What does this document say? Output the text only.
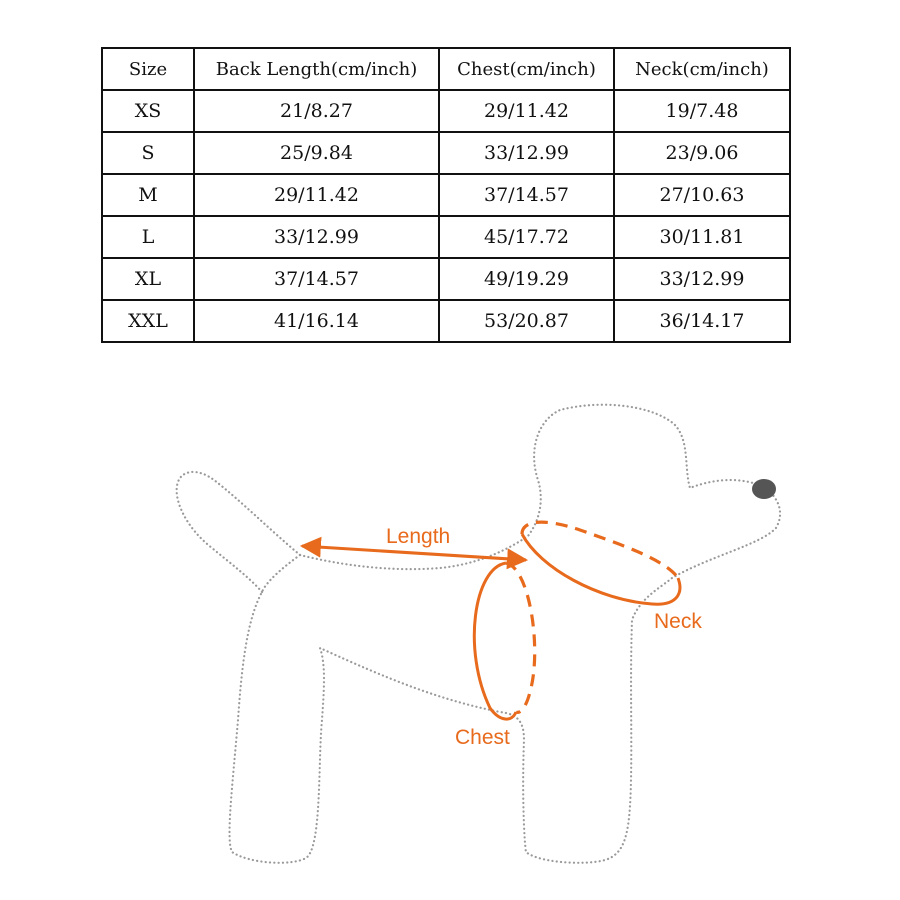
Size	Back Length(cm/inch)	Chest(cm/inch)	Neck(cm/inch)
XS	21/8.27	29/11.42	19/7.48
S	25/9.84	33/12.99	23/9.06
M	29/11.42	37/14.57	27/10.63
L	33/12.99	45/17.72	30/11.81
XL	37/14.57	49/19.29	33/12.99
XXL	41/16.14	53/20.87	36/14.17
Length
Chest
Neck
